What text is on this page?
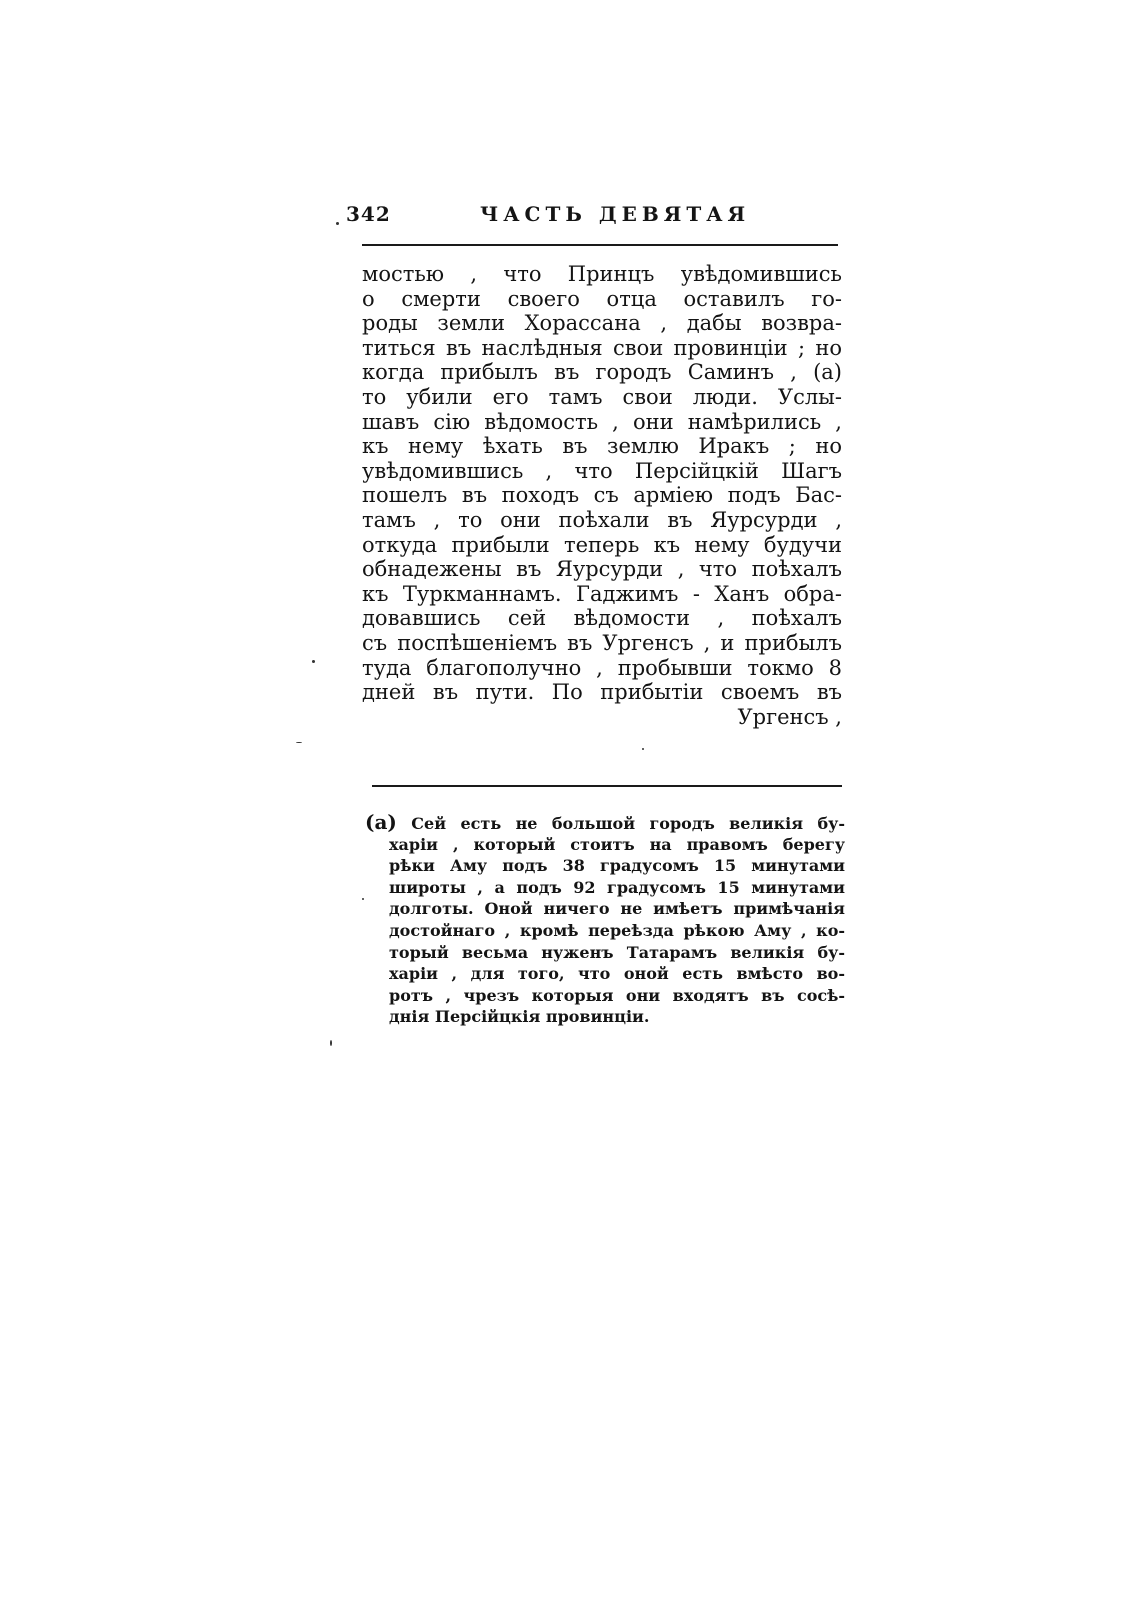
342	ЧАСТЬ ДЕВЯТАЯ
мостью , что Принцъ увѣдомившись
о смерти своего отца оставилъ го-
роды земли Хорассана , дабы возвра-
титься въ наслѣдныя свои провинціи ; но
когда прибылъ въ городъ Саминъ , (а)
то убили его тамъ свои люди. Услы-
шавъ сію вѣдомость , они намѣрились ,
къ нему ѣхать въ землю Иракъ ; но
увѣдомившись , что Персійцкій Шагъ
пошелъ въ походъ съ арміею подъ Бас-
тамъ , то они поѣхали въ Яурсурди ,
откуда прибыли теперь къ нему будучи
обнадежены въ Яурсурди , что поѣхалъ
къ Туркманнамъ. Гаджимъ - Ханъ обра-
довавшись сей вѣдомости , поѣхалъ
съ поспѣшеніемъ въ Ургенсъ , и прибылъ
туда благополучно , пробывши токмо 8
дней въ пути. По прибытіи своемъ въ
Ургенсъ ,
(а) Сей есть не большой городъ великія бу-
харіи , который стоитъ на правомъ берегу
рѣки Аму подъ 38 градусомъ 15 минутами
широты , а подъ 92 градусомъ 15 минутами
долготы. Оной ничего не имѣетъ примѣчанія
достойнаго , кромѣ переѣзда рѣкою Аму , ко-
торый весьма нуженъ Татарамъ великія бу-
харіи , для того, что оной есть вмѣсто во-
ротъ , чрезъ которыя они входятъ въ сосѣ-
днія Персійцкія провинціи.
